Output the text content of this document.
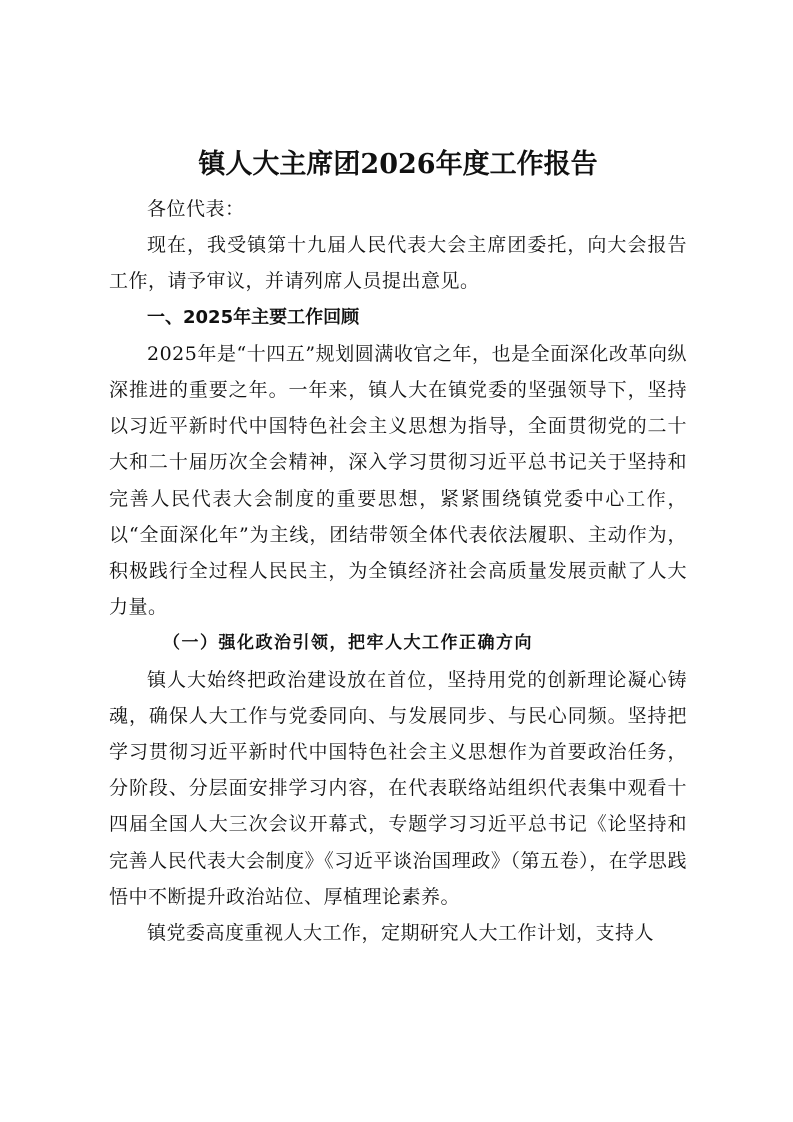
镇人大主席团2026年度工作报告

各位代表：

现在，我受镇第十九届人民代表大会主席团委托，向大会报告工作，请予审议，并请列席人员提出意见。

一、2025年主要工作回顾

2025年是“十四五”规划圆满收官之年，也是全面深化改革向纵深推进的重要之年。一年来，镇人大在镇党委的坚强领导下，坚持以习近平新时代中国特色社会主义思想为指导，全面贯彻党的二十大和二十届历次全会精神，深入学习贯彻习近平总书记关于坚持和完善人民代表大会制度的重要思想，紧紧围绕镇党委中心工作，以“全面深化年”为主线，团结带领全体代表依法履职、主动作为，积极践行全过程人民民主，为全镇经济社会高质量发展贡献了人大力量。

（一）强化政治引领，把牢人大工作正确方向

镇人大始终把政治建设放在首位，坚持用党的创新理论凝心铸魂，确保人大工作与党委同向、与发展同步、与民心同频。坚持把学习贯彻习近平新时代中国特色社会主义思想作为首要政治任务，分阶段、分层面安排学习内容，在代表联络站组织代表集中观看十四届全国人大三次会议开幕式，专题学习习近平总书记《论坚持和完善人民代表大会制度》《习近平谈治国理政》（第五卷），在学思践悟中不断提升政治站位、厚植理论素养。

镇党委高度重视人大工作，定期研究人大工作计划，支持人
